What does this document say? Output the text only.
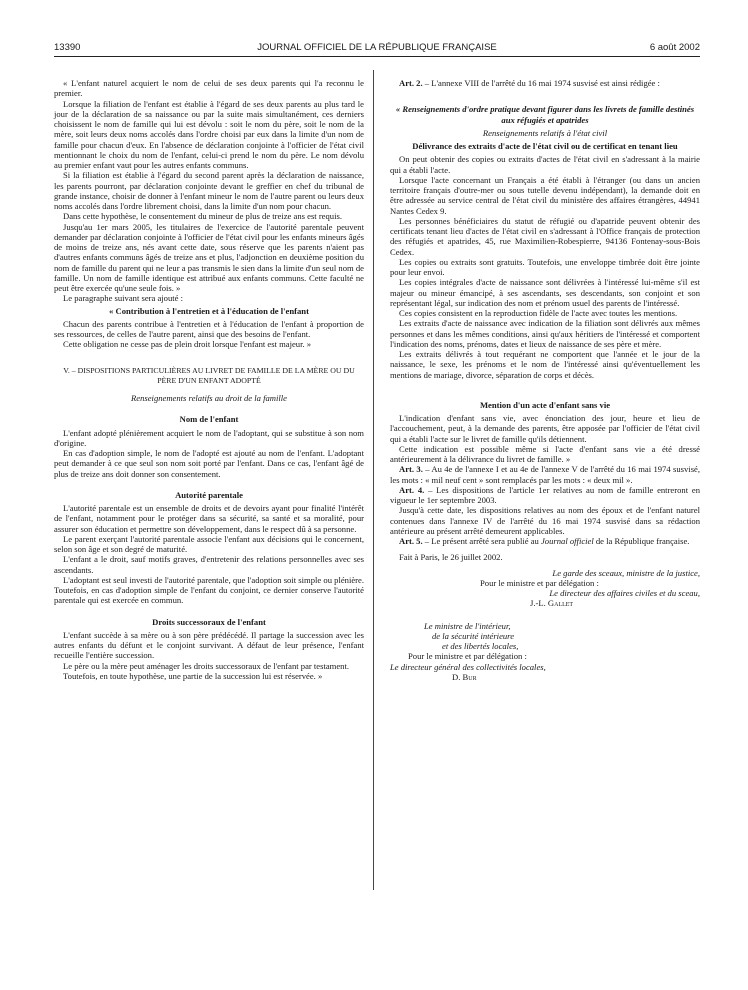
13390	JOURNAL OFFICIEL DE LA RÉPUBLIQUE FRANÇAISE	6 août 2002

« L'enfant naturel acquiert le nom de celui de ses deux parents qui l'a reconnu le premier.

Lorsque la filiation de l'enfant est établie à l'égard de ses deux parents au plus tard le jour de la déclaration de sa naissance ou par la suite mais simultanément, ces derniers choisissent le nom de famille qui lui est dévolu : soit le nom du père, soit le nom de la mère, soit leurs deux noms accolés dans l'ordre choisi par eux dans la limite d'un nom de famille pour chacun d'eux. En l'absence de déclaration conjointe à l'officier de l'état civil mentionnant le choix du nom de l'enfant, celui-ci prend le nom du père. Le nom dévolu au premier enfant vaut pour les autres enfants communs.

Si la filiation est établie à l'égard du second parent après la déclaration de naissance, les parents pourront, par déclaration conjointe devant le greffier en chef du tribunal de grande instance, choisir de donner à l'enfant mineur le nom de l'autre parent ou leurs deux noms accolés dans l'ordre librement choisi, dans la limite d'un nom pour chacun.

Dans cette hypothèse, le consentement du mineur de plus de treize ans est requis.

Jusqu'au 1er mars 2005, les titulaires de l'exercice de l'autorité parentale peuvent demander par déclaration conjointe à l'officier de l'état civil pour les enfants mineurs âgés de moins de treize ans, nés avant cette date, sous réserve que les parents n'aient pas d'autres enfants communs âgés de treize ans et plus, l'adjonction en deuxième position du nom de famille du parent qui ne leur a pas transmis le sien dans la limite d'un seul nom de famille. Un nom de famille identique est attribué aux enfants communs. Cette faculté ne peut être exercée qu'une seule fois. »

Le paragraphe suivant sera ajouté :

« Contribution à l'entretien et à l'éducation de l'enfant

Chacun des parents contribue à l'entretien et à l'éducation de l'enfant à proportion de ses ressources, de celles de l'autre parent, ainsi que des besoins de l'enfant.

Cette obligation ne cesse pas de plein droit lorsque l'enfant est majeur. »

V. – DISPOSITIONS PARTICULIÈRES AU LIVRET DE FAMILLE DE LA MÈRE OU DU PÈRE D'UN ENFANT ADOPTÉ
Renseignements relatifs au droit de la famille
Nom de l'enfant

L'enfant adopté plénièrement acquiert le nom de l'adoptant, qui se substitue à son nom d'origine.

En cas d'adoption simple, le nom de l'adopté est ajouté au nom de l'enfant. L'adoptant peut demander à ce que seul son nom soit porté par l'enfant. Dans ce cas, l'enfant âgé de plus de treize ans doit donner son consentement.

Autorité parentale

L'autorité parentale est un ensemble de droits et de devoirs ayant pour finalité l'intérêt de l'enfant, notamment pour le protéger dans sa sécurité, sa santé et sa moralité, pour assurer son éducation et permettre son développement, dans le respect dû à sa personne.

Le parent exerçant l'autorité parentale associe l'enfant aux décisions qui le concernent, selon son âge et son degré de maturité.

L'enfant a le droit, sauf motifs graves, d'entretenir des relations personnelles avec ses ascendants.

L'adoptant est seul investi de l'autorité parentale, que l'adoption soit simple ou plénière. Toutefois, en cas d'adoption simple de l'enfant du conjoint, ce dernier conserve l'autorité parentale qui est exercée en commun.

Droits successoraux de l'enfant

L'enfant succède à sa mère ou à son père prédécédé. Il partage la succession avec les autres enfants du défunt et le conjoint survivant. A défaut de leur présence, l'enfant recueille l'entière succession.

Le père ou la mère peut aménager les droits successoraux de l'enfant par testament.

Toutefois, en toute hypothèse, une partie de la succession lui est réservée. »

Art. 2. – L'annexe VIII de l'arrêté du 16 mai 1974 susvisé est ainsi rédigée :

« Renseignements d'ordre pratique devant figurer dans les livrets de famille destinés aux réfugiés et apatrides
Renseignements relatifs à l'état civil
Délivrance des extraits d'acte de l'état civil ou de certificat en tenant lieu

On peut obtenir des copies ou extraits d'actes de l'état civil en s'adressant à la mairie qui a établi l'acte.

Lorsque l'acte concernant un Français a été établi à l'étranger (ou dans un ancien territoire français d'outre-mer ou sous tutelle devenu indépendant), la demande doit en être adressée au service central de l'état civil du ministère des affaires étrangères, 44941 Nantes Cedex 9.

Les personnes bénéficiaires du statut de réfugié ou d'apatride peuvent obtenir des certificats tenant lieu d'actes de l'état civil en s'adressant à l'Office français de protection des réfugiés et apatrides, 45, rue Maximilien-Robespierre, 94136 Fontenay-sous-Bois Cedex.

Les copies ou extraits sont gratuits. Toutefois, une enveloppe timbrée doit être jointe pour leur envoi.

Les copies intégrales d'acte de naissance sont délivrées à l'intéressé lui-même s'il est majeur ou mineur émancipé, à ses ascendants, ses descendants, son conjoint et son représentant légal, sur indication des nom et prénom usuel des parents de l'intéressé.

Ces copies consistent en la reproduction fidèle de l'acte avec toutes les mentions.

Les extraits d'acte de naissance avec indication de la filiation sont délivrés aux mêmes personnes et dans les mêmes conditions, ainsi qu'aux héritiers de l'intéressé et comportent l'indication des noms, prénoms, dates et lieux de naissance de ses père et mère.

Les extraits délivrés à tout requérant ne comportent que l'année et le jour de la naissance, le sexe, les prénoms et le nom de l'intéressé ainsi qu'éventuellement les mentions de mariage, divorce, séparation de corps et décès.

Mention d'un acte d'enfant sans vie

L'indication d'enfant sans vie, avec énonciation des jour, heure et lieu de l'accouchement, peut, à la demande des parents, être apposée par l'officier de l'état civil qui a établi l'acte sur le livret de famille qu'ils détiennent.

Cette indication est possible même si l'acte d'enfant sans vie a été dressé antérieurement à la délivrance du livret de famille. »

Art. 3. – Au 4e de l'annexe I et au 4e de l'annexe V de l'arrêté du 16 mai 1974 susvisé, les mots : « mil neuf cent » sont remplacés par les mots : « deux mil ».

Art. 4. – Les dispositions de l'article 1er relatives au nom de famille entreront en vigueur le 1er septembre 2003.

Jusqu'à cette date, les dispositions relatives au nom des époux et de l'enfant naturel contenues dans l'annexe IV de l'arrêté du 16 mai 1974 susvisé dans sa rédaction antérieure au présent arrêté demeurent applicables.

Art. 5. – Le présent arrêté sera publié au Journal officiel de la République française.

Fait à Paris, le 26 juillet 2002.

Le garde des sceaux, ministre de la justice,
Pour le ministre et par délégation :
Le directeur des affaires civiles et du sceau,
J.-L. Gallet
Le ministre de l'intérieur,
de la sécurité intérieure
et des libertés locales,
Pour le ministre et par délégation :
Le directeur général des collectivités locales,
D. Bur
